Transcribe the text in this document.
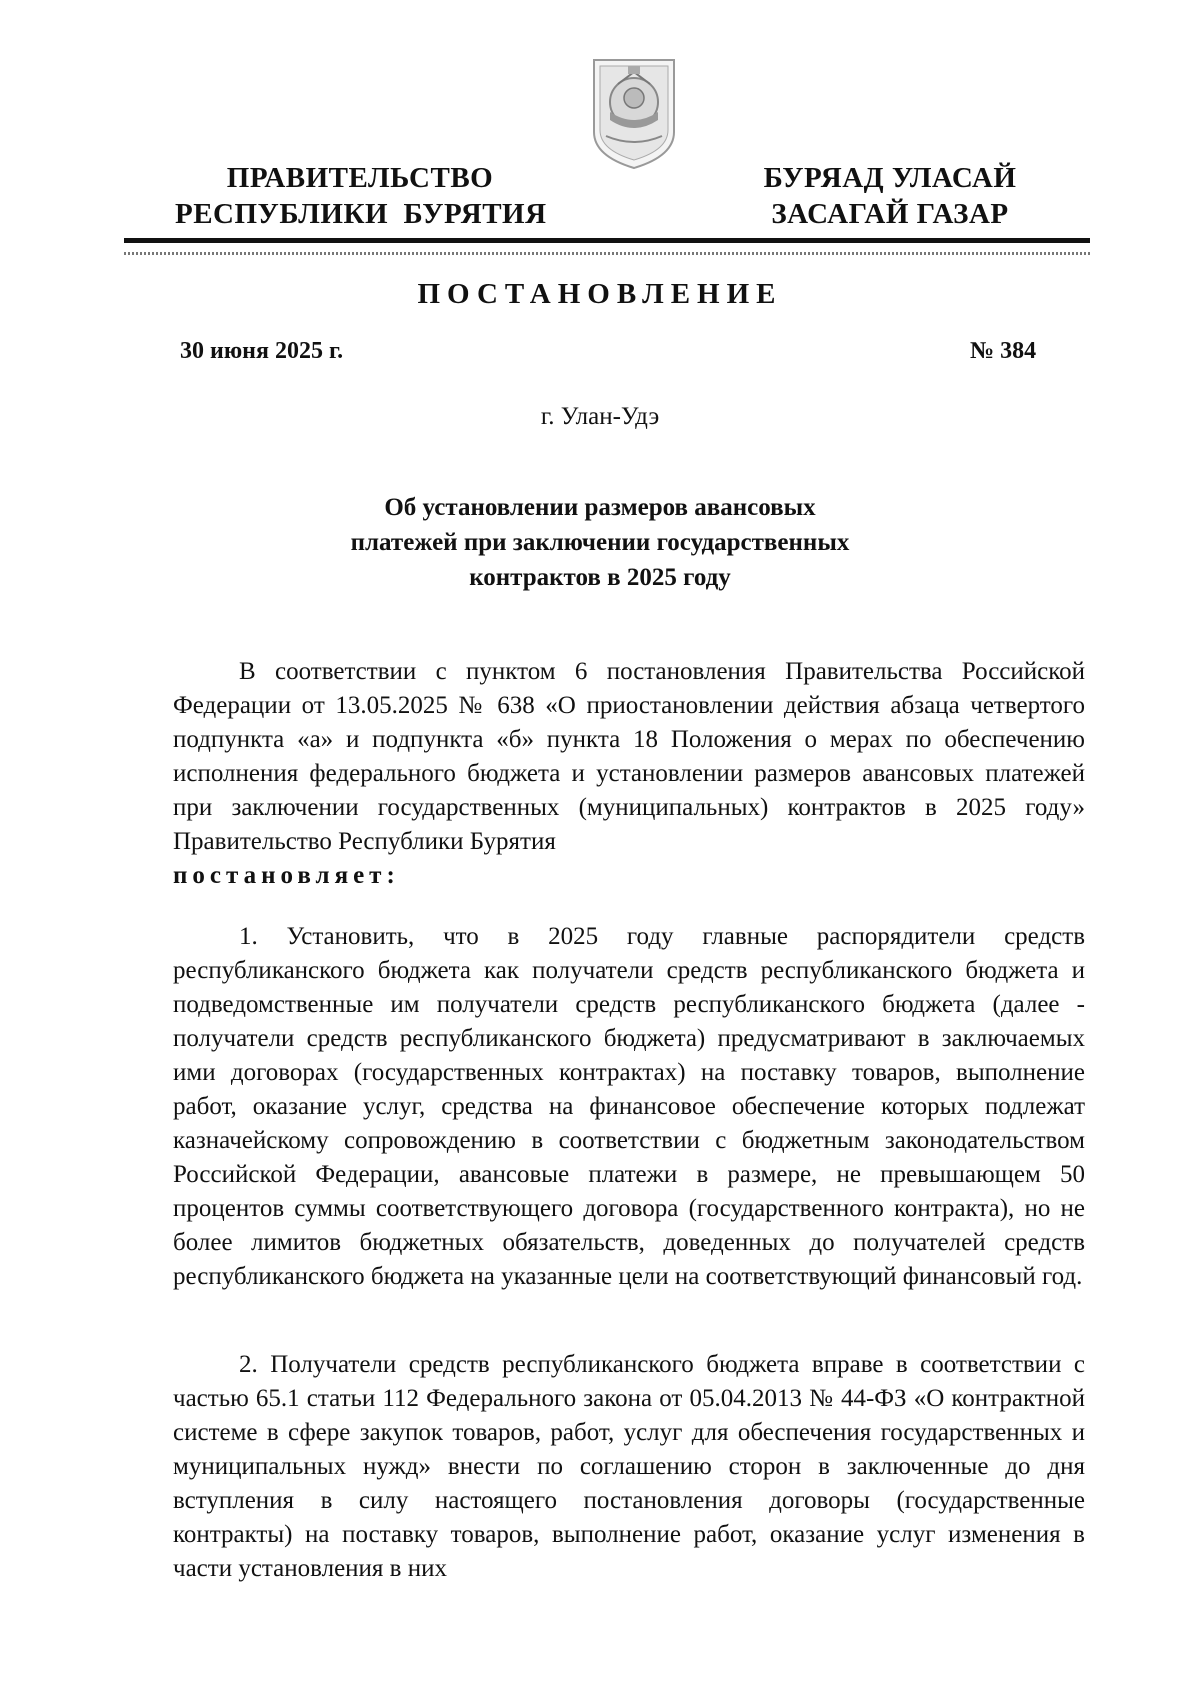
ПРАВИТЕЛЬСТВО
РЕСПУБЛИКИ  БУРЯТИЯ
БУРЯАД УЛАСАЙ
ЗАСАГАЙ ГАЗАР
ПОСТАНОВЛЕНИЕ
30 июня 2025 г.	№ 384
г. Улан-Удэ
Об установлении размеров авансовых
платежей при заключении государственных
контрактов в 2025 году

В соответствии с пунктом 6 постановления Правительства Российской Федерации от 13.05.2025 № 638 «О приостановлении действия абзаца четвертого подпункта «а» и подпункта «б» пункта 18 Положения о мерах по обеспечению исполнения федерального бюджета и установлении размеров авансовых платежей при заключении государственных (муниципальных) контрактов в 2025 году» Правительство Республики Бурятия
постановляет:

1. Установить, что в 2025 году главные распорядители средств республиканского бюджета как получатели средств республиканского бюджета и подведомственные им получатели средств республиканского бюджета (далее - получатели средств республиканского бюджета) предусматривают в заключаемых ими договорах (государственных контрактах) на поставку товаров, выполнение работ, оказание услуг, средства на финансовое обеспечение которых подлежат казначейскому сопровождению в соответствии с бюджетным законодательством Российской Федерации, авансовые платежи в размере, не превышающем 50 процентов суммы соответствующего договора (государственного контракта), но не более лимитов бюджетных обязательств, доведенных до получателей средств республиканского бюджета на указанные цели на соответствующий финансовый год.

2. Получатели средств республиканского бюджета вправе в соответствии с частью 65.1 статьи 112 Федерального закона от 05.04.2013 № 44-ФЗ «О контрактной системе в сфере закупок товаров, работ, услуг для обеспечения государственных и муниципальных нужд» внести по соглашению сторон в заключенные до дня вступления в силу настоящего постановления договоры (государственные контракты) на поставку товаров, выполнение работ, оказание услуг изменения в части установления в них
